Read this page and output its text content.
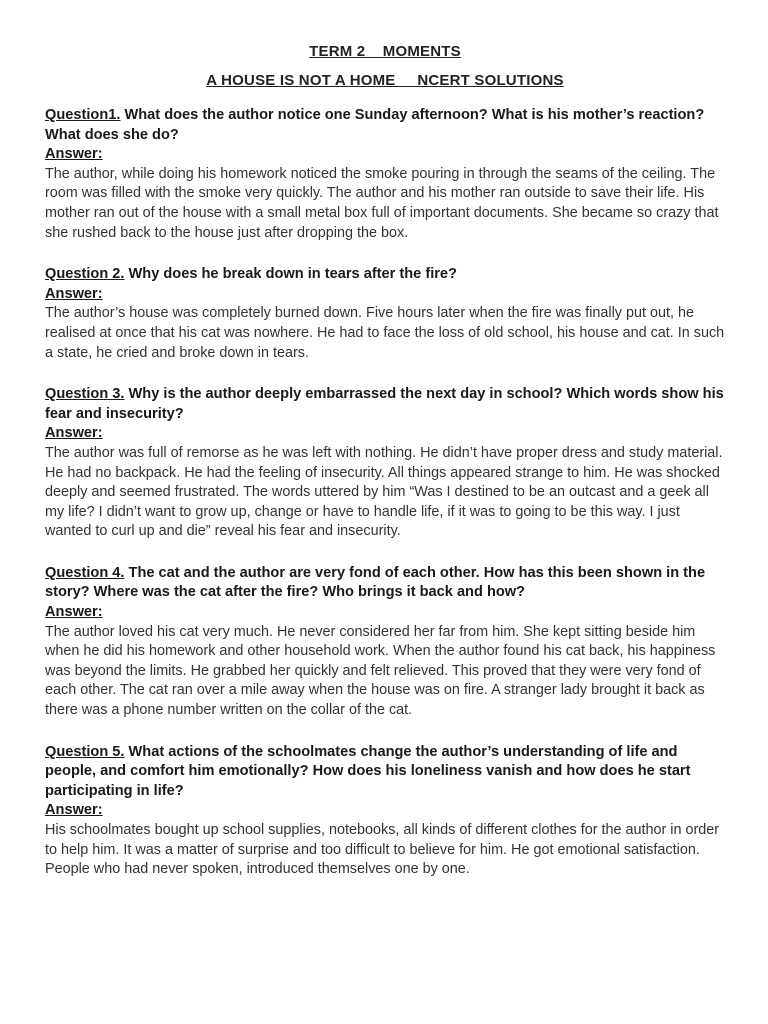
TERM 2    MOMENTS

A HOUSE IS NOT A HOME     NCERT SOLUTIONS

Question1. What does the author notice one Sunday afternoon? What is his mother’s reaction? What does she do?

Answer:

The author, while doing his homework noticed the smoke pouring in through the seams of the ceiling. The room was filled with the smoke very quickly. The author and his mother ran outside to save their life. His mother ran out of the house with a small metal box full of important documents. She became so crazy that she rushed back to the house just after dropping the box.

Question 2. Why does he break down in tears after the fire?

Answer:

The author’s house was completely burned down. Five hours later when the fire was finally put out, he realised at once that his cat was nowhere. He had to face the loss of old school, his house and cat. In such a state, he cried and broke down in tears.

Question 3. Why is the author deeply embarrassed the next day in school? Which words show his fear and insecurity?

Answer:

The author was full of remorse as he was left with nothing. He didn’t have proper dress and study material. He had no backpack. He had the feeling of insecurity. All things appeared strange to him. He was shocked deeply and seemed frustrated. The words uttered by him “Was I destined to be an outcast and a geek all my life? I didn’t want to grow up, change or have to handle life, if it was to going to be this way. I just wanted to curl up and die” reveal his fear and insecurity.

Question 4. The cat and the author are very fond of each other. How has this been shown in the story? Where was the cat after the fire? Who brings it back and how?

Answer:

The author loved his cat very much. He never considered her far from him. She kept sitting beside him when he did his homework and other household work. When the author found his cat back, his happiness was beyond the limits. He grabbed her quickly and felt relieved. This proved that they were very fond of each other. The cat ran over a mile away when the house was on fire. A stranger lady brought it back as there was a phone number written on the collar of the cat.

Question 5. What actions of the schoolmates change the author’s understanding of life and people, and comfort him emotionally? How does his loneliness vanish and how does he start participating in life?

Answer:

His schoolmates bought up school supplies, notebooks, all kinds of different clothes for the author in order to help him. It was a matter of surprise and too difficult to believe for him. He got emotional satisfaction. People who had never spoken, introduced themselves one by one.
